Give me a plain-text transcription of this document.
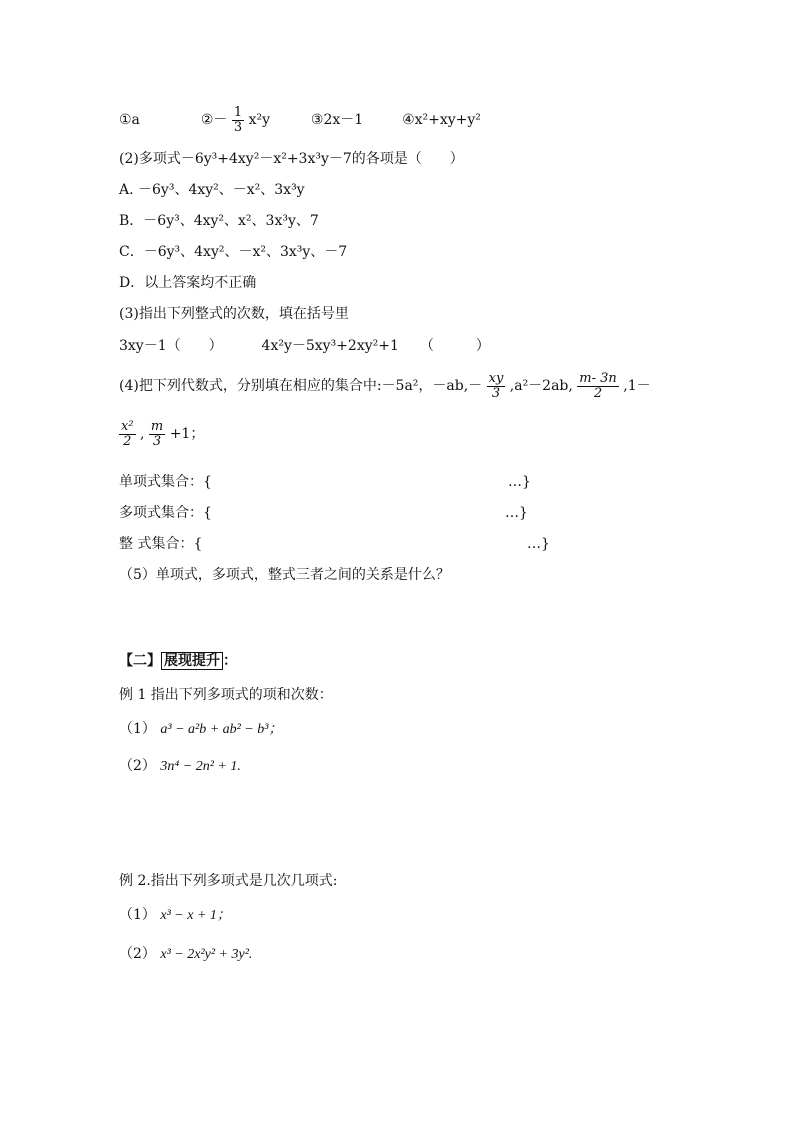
①a	②－ $\frac{1}{3} x^2y$	③2x－1	④x²+xy+y²
(2)多项式－6y³+4xy²－x²+3x³y－7的各项是（　　）
A. －6y³、4xy²、－x²、3x³y
B．－6y³、4xy²、x²、3x³y、7
C．－6y³、4xy²、－x²、3x³y、－7
D．以上答案均不正确
(3)指出下列整式的次数，填在括号里
3xy－1（　　）	4x²y－5xy³+2xy²+1　　（　　　）
(4)把下列代数式，分别填在相应的集合中:－5a²，$-ab,- \frac{xy}{3} ,a^2-2ab$, $\frac{m- 3n}{2} ,1-$
$\frac{\text{x²}}{2}$ , $\frac{m}{3} +1$；
单项式集合：{	…}
多项式集合：{	…}
整 式集合：{	…}
（5）单项式，多项式，整式三者之间的关系是什么？
【二】 展现提升 ：
例 1 指出下列多项式的项和次数：
（1） a³ − a²b + ab² − b³；
（2） 3n⁴ − 2n² + 1.
例 2.指出下列多项式是几次几项式:
（1） x³ − x + 1；
（2） x³ − 2x²y² + 3y².
